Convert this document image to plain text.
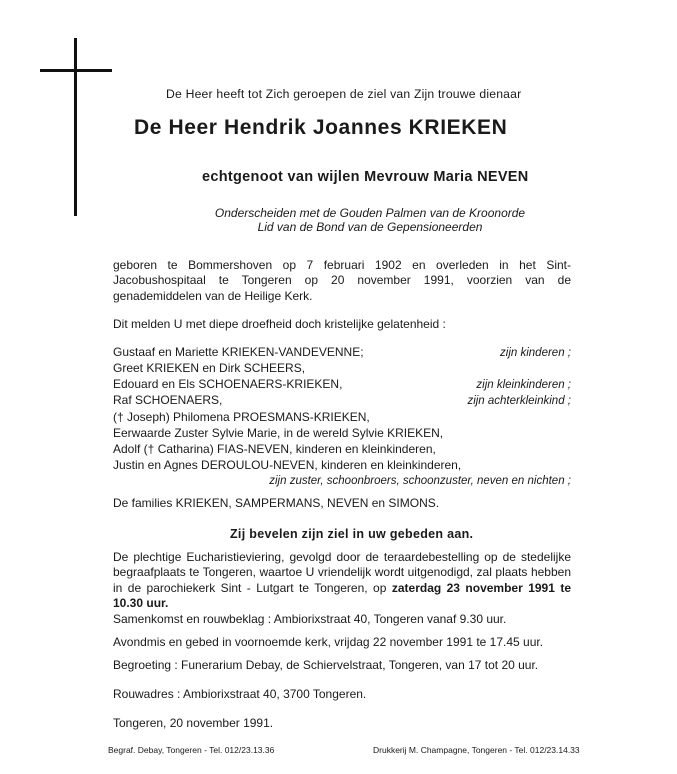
De Heer heeft tot Zich geroepen de ziel van Zijn trouwe dienaar
De Heer Hendrik Joannes KRIEKEN
echtgenoot van wijlen Mevrouw Maria NEVEN
Onderscheiden met de Gouden Palmen van de Kroonorde
Lid van de Bond van de Gepensioneerden
geboren te Bommershoven op 7 februari 1902 en overleden in het Sint-Jacobushospitaal te Tongeren op 20 november 1991, voorzien van de genademiddelen van de Heilige Kerk.
Dit melden U met diepe droefheid doch kristelijke gelatenheid :
Gustaaf en Mariette KRIEKEN-VANDEVENNE;	zijn kinderen ;
Greet KRIEKEN en Dirk SCHEERS,
Edouard en Els SCHOENAERS-KRIEKEN,	zijn kleinkinderen ;
Raf SCHOENAERS,	zijn achterkleinkind ;
(† Joseph) Philomena PROESMANS-KRIEKEN,
Eerwaarde Zuster Sylvie Marie, in de wereld Sylvie KRIEKEN,
Adolf († Catharina) FIAS-NEVEN, kinderen en kleinkinderen,
Justin en Agnes DEROULOU-NEVEN, kinderen en kleinkinderen,
zijn zuster, schoonbroers, schoonzuster, neven en nichten ;
De families KRIEKEN, SAMPERMANS, NEVEN en SIMONS.
Zij bevelen zijn ziel in uw gebeden aan.
De plechtige Eucharistieviering, gevolgd door de teraardebestelling op de stedelijke begraafplaats te Tongeren, waartoe U vriendelijk wordt uitgenodigd, zal plaats hebben in de parochiekerk Sint - Lutgart te Tongeren, op zaterdag 23 november 1991 te 10.30 uur.
Samenkomst en rouwbeklag : Ambiorixstraat 40, Tongeren vanaf 9.30 uur.
Avondmis en gebed in voornoemde kerk, vrijdag 22 november 1991 te 17.45 uur.
Begroeting : Funerarium Debay, de Schiervelstraat, Tongeren, van 17 tot 20 uur.
Rouwadres : Ambiorixstraat 40, 3700 Tongeren.
Tongeren, 20 november 1991.
Begraf. Debay, Tongeren - Tel. 012/23.13.36	Drukkerij M. Champagne, Tongeren - Tel. 012/23.14.33
